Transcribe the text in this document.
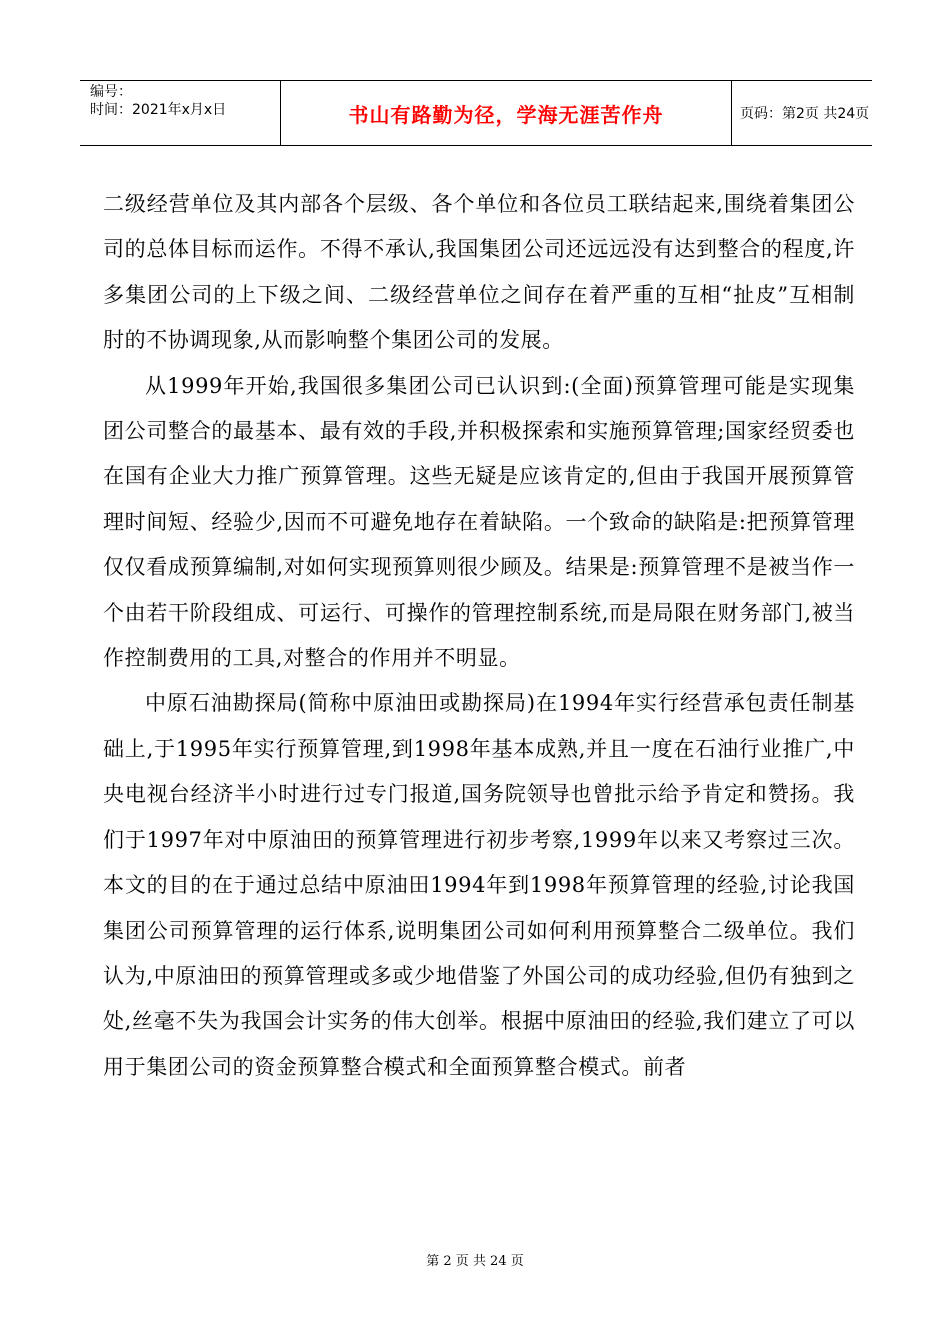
编号：
时间：2021年x月x日	书山有路勤为径，学海无涯苦作舟	页码：第2页 共24页

二级经营单位及其内部各个层级、各个单位和各位员工联结起来,围绕着集团公司的总体目标而运作。不得不承认,我国集团公司还远远没有达到整合的程度,许多集团公司的上下级之间、二级经营单位之间存在着严重的互相“扯皮”互相制肘的不协调现象,从而影响整个集团公司的发展。

从1999年开始,我国很多集团公司已认识到:(全面)预算管理可能是实现集团公司整合的最基本、最有效的手段,并积极探索和实施预算管理;国家经贸委也在国有企业大力推广预算管理。这些无疑是应该肯定的,但由于我国开展预算管理时间短、经验少,因而不可避免地存在着缺陷。一个致命的缺陷是:把预算管理仅仅看成预算编制,对如何实现预算则很少顾及。结果是:预算管理不是被当作一个由若干阶段组成、可运行、可操作的管理控制系统,而是局限在财务部门,被当作控制费用的工具,对整合的作用并不明显。

中原石油勘探局(简称中原油田或勘探局)在1994年实行经营承包责任制基础上,于1995年实行预算管理,到1998年基本成熟,并且一度在石油行业推广,中央电视台经济半小时进行过专门报道,国务院领导也曾批示给予肯定和赞扬。我们于1997年对中原油田的预算管理进行初步考察,1999年以来又考察过三次。本文的目的在于通过总结中原油田1994年到1998年预算管理的经验,讨论我国集团公司预算管理的运行体系,说明集团公司如何利用预算整合二级单位。我们认为,中原油田的预算管理或多或少地借鉴了外国公司的成功经验,但仍有独到之处,丝毫不失为我国会计实务的伟大创举。根据中原油田的经验,我们建立了可以用于集团公司的资金预算整合模式和全面预算整合模式。前者

第 2 页 共 24 页
